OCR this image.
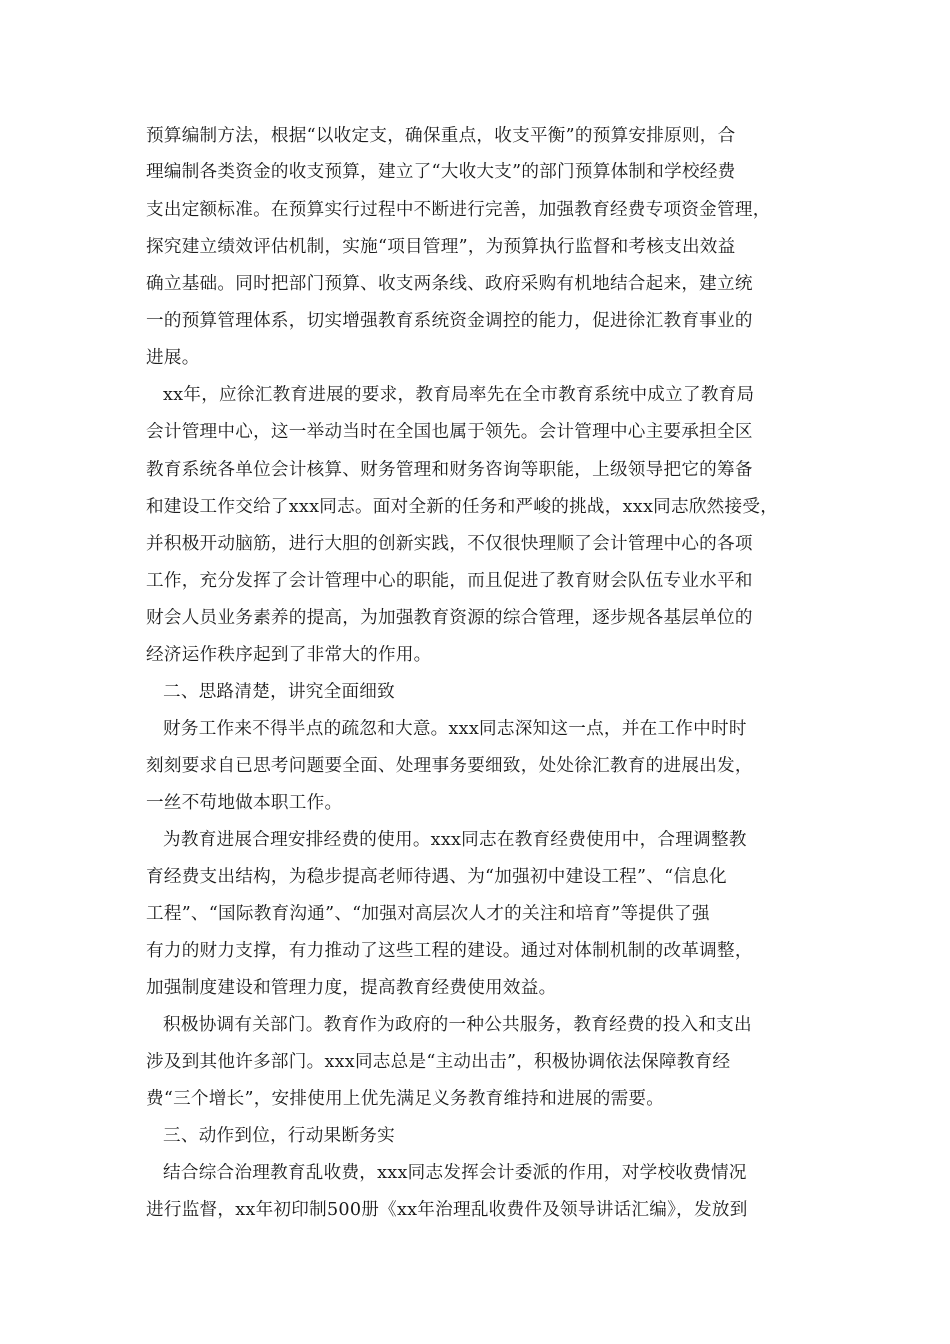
预算编制方法，根据“以收定支，确保重点，收支平衡”的预算安排原则，合
理编制各类资金的收支预算，建立了“大收大支”的部门预算体制和学校经费
支出定额标准。在预算实行过程中不断进行完善，加强教育经费专项资金管理，
探究建立绩效评估机制，实施“项目管理”，为预算执行监督和考核支出效益
确立基础。同时把部门预算、收支两条线、政府采购有机地结合起来，建立统
一的预算管理体系，切实增强教育系统资金调控的能力，促进徐汇教育事业的
进展。
xx年，应徐汇教育进展的要求，教育局率先在全市教育系统中成立了教育局
会计管理中心，这一举动当时在全国也属于领先。会计管理中心主要承担全区
教育系统各单位会计核算、财务管理和财务咨询等职能，上级领导把它的筹备
和建设工作交给了xxx同志。面对全新的任务和严峻的挑战，xxx同志欣然接受，
并积极开动脑筋，进行大胆的创新实践，不仅很快理顺了会计管理中心的各项
工作，充分发挥了会计管理中心的职能，而且促进了教育财会队伍专业水平和
财会人员业务素养的提高，为加强教育资源的综合管理，逐步规各基层单位的
经济运作秩序起到了非常大的作用。
二、思路清楚，讲究全面细致
财务工作来不得半点的疏忽和大意。xxx同志深知这一点，并在工作中时时
刻刻要求自已思考问题要全面、处理事务要细致，处处徐汇教育的进展出发，
一丝不苟地做本职工作。
为教育进展合理安排经费的使用。xxx同志在教育经费使用中，合理调整教
育经费支出结构，为稳步提高老师待遇、为“加强初中建设工程”、“信息化
工程”、“国际教育沟通”、“加强对高层次人才的关注和培育”等提供了强
有力的财力支撑，有力推动了这些工程的建设。通过对体制机制的改革调整，
加强制度建设和管理力度，提高教育经费使用效益。
积极协调有关部门。教育作为政府的一种公共服务，教育经费的投入和支出
涉及到其他许多部门。xxx同志总是“主动出击”，积极协调依法保障教育经
费“三个增长”，安排使用上优先满足义务教育维持和进展的需要。
三、动作到位，行动果断务实
结合综合治理教育乱收费，xxx同志发挥会计委派的作用，对学校收费情况
进行监督，xx年初印制500册《xx年治理乱收费件及领导讲话汇编》，发放到
